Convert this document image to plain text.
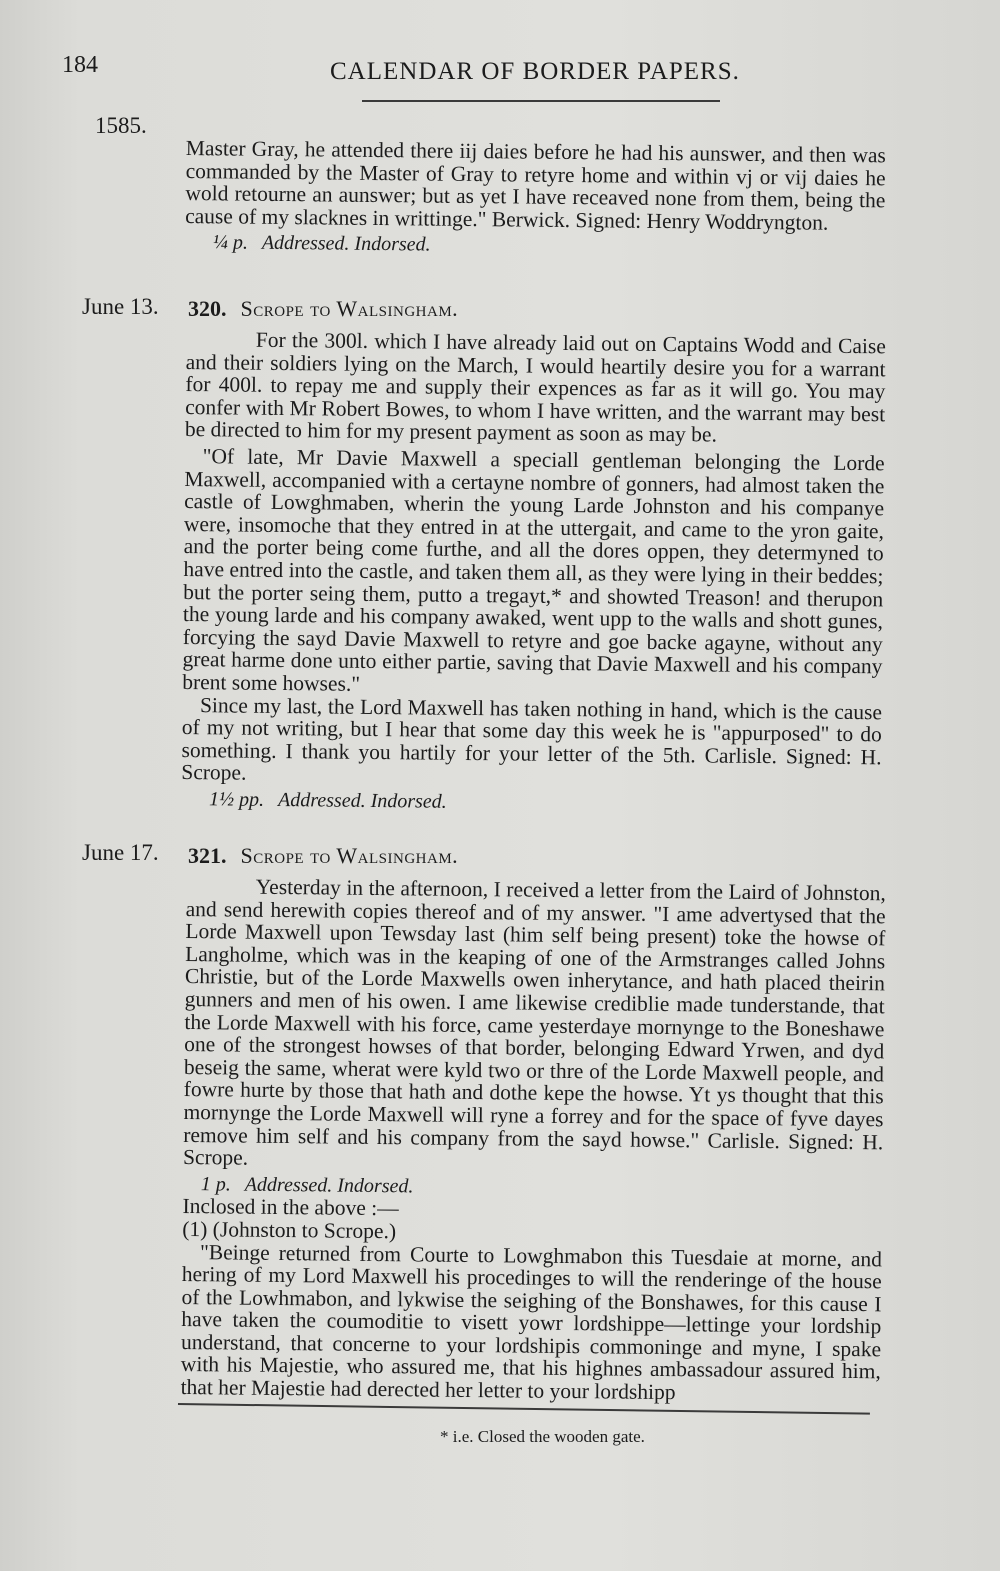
184	CALENDAR OF BORDER PAPERS.
1585.

Master Gray, he attended there iij daies before he had his aunswer, and then was commanded by the Master of Gray to retyre home and within vj or vij daies he wold retourne an aunswer; but as yet I have receaved none from them, being the cause of my slacknes in writtinge." Berwick. Signed: Henry Woddryngton.

¼ p. Addressed. Indorsed.
June 13. 320. Scrope to Walsingham.

For the 300l. which I have already laid out on Captains Wodd and Caise and their soldiers lying on the March, I would heartily desire you for a warrant for 400l. to repay me and supply their expences as far as it will go. You may confer with Mr Robert Bowes, to whom I have written, and the warrant may best be directed to him for my present payment as soon as may be.

"Of late, Mr Davie Maxwell a speciall gentleman belonging the Lorde Maxwell, accompanied with a certayne nombre of gonners, had almost taken the castle of Lowghmaben, wherin the young Larde Johnston and his companye were, insomoche that they entred in at the uttergait, and came to the yron gaite, and the porter being come furthe, and all the dores oppen, they determyned to have entred into the castle, and taken them all, as they were lying in their beddes; but the porter seing them, putto a tregayt,* and showted Treason! and therupon the young larde and his company awaked, went upp to the walls and shott gunes, forcying the sayd Davie Maxwell to retyre and goe backe agayne, without any great harme done unto either partie, saving that Davie Maxwell and his company brent some howses."

Since my last, the Lord Maxwell has taken nothing in hand, which is the cause of my not writing, but I hear that some day this week he is "appurposed" to do something. I thank you hartily for your letter of the 5th. Carlisle. Signed: H. Scrope.

1½ pp. Addressed. Indorsed.
June 17. 321. Scrope to Walsingham.

Yesterday in the afternoon, I received a letter from the Laird of Johnston, and send herewith copies thereof and of my answer. "I ame advertysed that the Lorde Maxwell upon Tewsday last (him self being present) toke the howse of Langholme, which was in the keaping of one of the Armstranges called Johns Christie, but of the Lorde Maxwells owen inherytance, and hath placed theirin gunners and men of his owen. I ame likewise crediblie made tunderstande, that the Lorde Maxwell with his force, came yesterdaye mornynge to the Boneshawe one of the strongest howses of that border, belonging Edward Yrwen, and dyd beseig the same, wherat were kyld two or thre of the Lorde Maxwell people, and fowre hurte by those that hath and dothe kepe the howse. Yt ys thought that this mornynge the Lorde Maxwell will ryne a forrey and for the space of fyve dayes remove him self and his company from the sayd howse." Carlisle. Signed: H. Scrope.

1 p. Addressed. Indorsed.

Inclosed in the above :—

(1) (Johnston to Scrope.)

"Beinge returned from Courte to Lowghmabon this Tuesdaie at morne, and hering of my Lord Maxwell his procedinges to will the renderinge of the house of the Lowhmabon, and lykwise the seighing of the Bonshawes, for this cause I have taken the coumoditie to visett yowr lordshippe—lettinge your lordship understand, that concerne to your lordshipis commoninge and myne, I spake with his Majestie, who assured me, that his highnes ambassadour assured him, that her Majestie had derected her letter to your lordshipp

* i.e. Closed the wooden gate.
